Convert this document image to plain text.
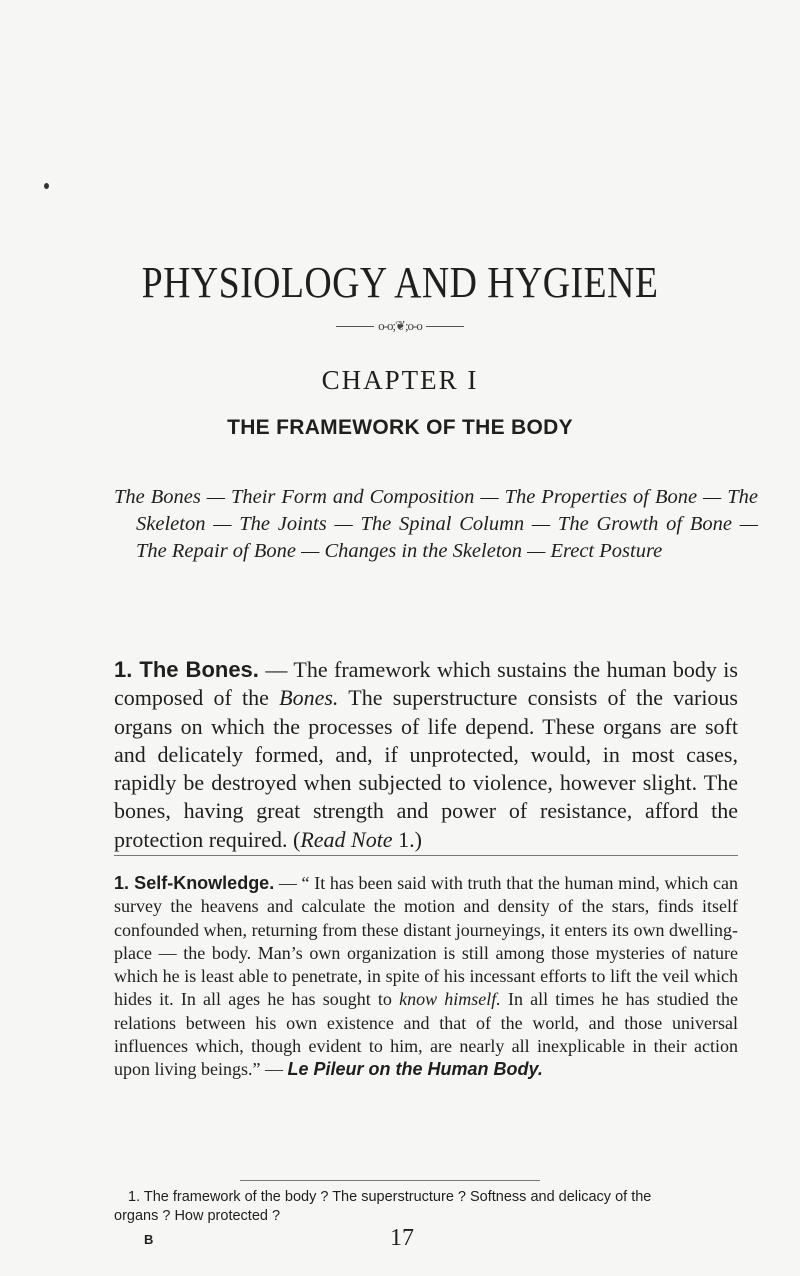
PHYSIOLOGY AND HYGIENE
o-o;❦;o-o
CHAPTER I
THE FRAMEWORK OF THE BODY
The Bones — Their Form and Composition — The Properties of Bone — The Skeleton — The Joints — The Spinal Column — The Growth of Bone — The Repair of Bone — Changes in the Skeleton — Erect Posture
1. The Bones. — The framework which sustains the human body is composed of the Bones. The superstructure consists of the various organs on which the processes of life depend. These organs are soft and delicately formed, and, if unprotected, would, in most cases, rapidly be destroyed when subjected to violence, however slight. The bones, having great strength and power of resistance, afford the protection required. (Read Note 1.)
1. Self-Knowledge. — “ It has been said with truth that the human mind, which can survey the heavens and calculate the motion and density of the stars, finds itself confounded when, returning from these distant journeyings, it enters its own dwelling-place — the body. Man’s own organization is still among those mysteries of nature which he is least able to penetrate, in spite of his incessant efforts to lift the veil which hides it. In all ages he has sought to know himself. In all times he has studied the relations between his own existence and that of the world, and those universal influences which, though evident to him, are nearly all inexplicable in their action upon living beings.” — Le Pileur on the Human Body.
1. The framework of the body ? The superstructure ? Softness and delicacy of the
organs ? How protected ?
B	17
